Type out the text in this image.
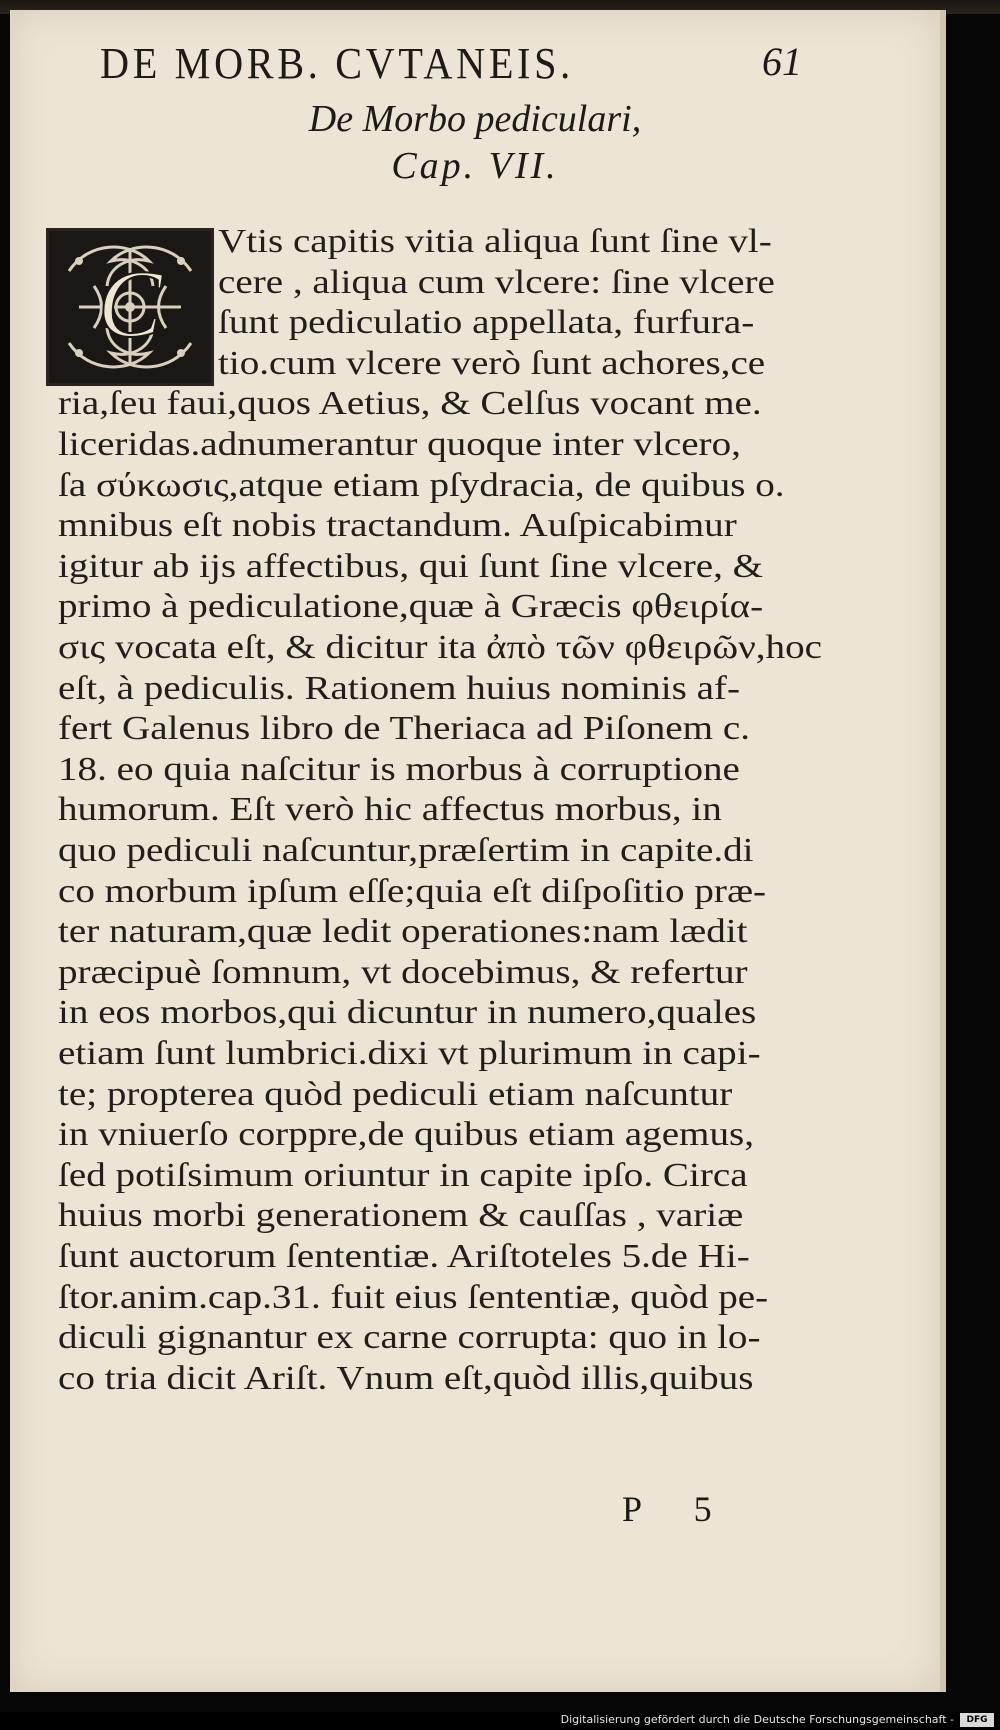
DE MORB. CVTANEIS.	61
De Morbo pediculari,
Cap. VII.
C
Vtis capitis vitia aliqua ſunt ſine vl-
cere , aliqua cum vlcere: ſine vlcere
ſunt pediculatio appellata, furfura-
tio.cum vlcere verò ſunt achores,ce
ria,ſeu faui,quos Aetius, & Celſus vocant me.
liceridas.adnumerantur quoque inter vlcero,
ſa σύκωσις,atque etiam pſydracia, de quibus o.
mnibus eſt nobis tractandum. Auſpicabimur
igitur ab ijs affectibus, qui ſunt ſine vlcere, &
primo à pediculatione,quæ à Græcis φθειρία-
σις vocata eſt, & dicitur ita ἀπὸ τῶν φθειρῶν,hoc
eſt, à pediculis. Rationem huius nominis af-
fert Galenus libro de Theriaca ad Piſonem c.
18. eo quia naſcitur is morbus à corruptione
humorum. Eſt verò hic affectus morbus, in
quo pediculi naſcuntur,præſertim in capite.di
co morbum ipſum eſſe;quia eſt diſpoſitio præ-
ter naturam,quæ ledit operationes:nam lædit
præcipuè ſomnum, vt docebimus, & refertur
in eos morbos,qui dicuntur in numero,quales
etiam ſunt lumbrici.dixi vt plurimum in capi-
te; propterea quòd pediculi etiam naſcuntur
in vniuerſo corppre,de quibus etiam agemus,
ſed potiſsimum oriuntur in capite ipſo. Circa
huius morbi generationem & cauſſas , variæ
ſunt auctorum ſententiæ. Ariſtoteles 5.de Hi-
ſtor.anim.cap.31. fuit eius ſententiæ, quòd pe-
diculi gignantur ex carne corrupta: quo in lo-
co tria dicit Ariſt. Vnum eſt,quòd illis,quibus
P 5
Digitalisierung gefördert durch die Deutsche Forschungsgemeinschaft -	DFG
